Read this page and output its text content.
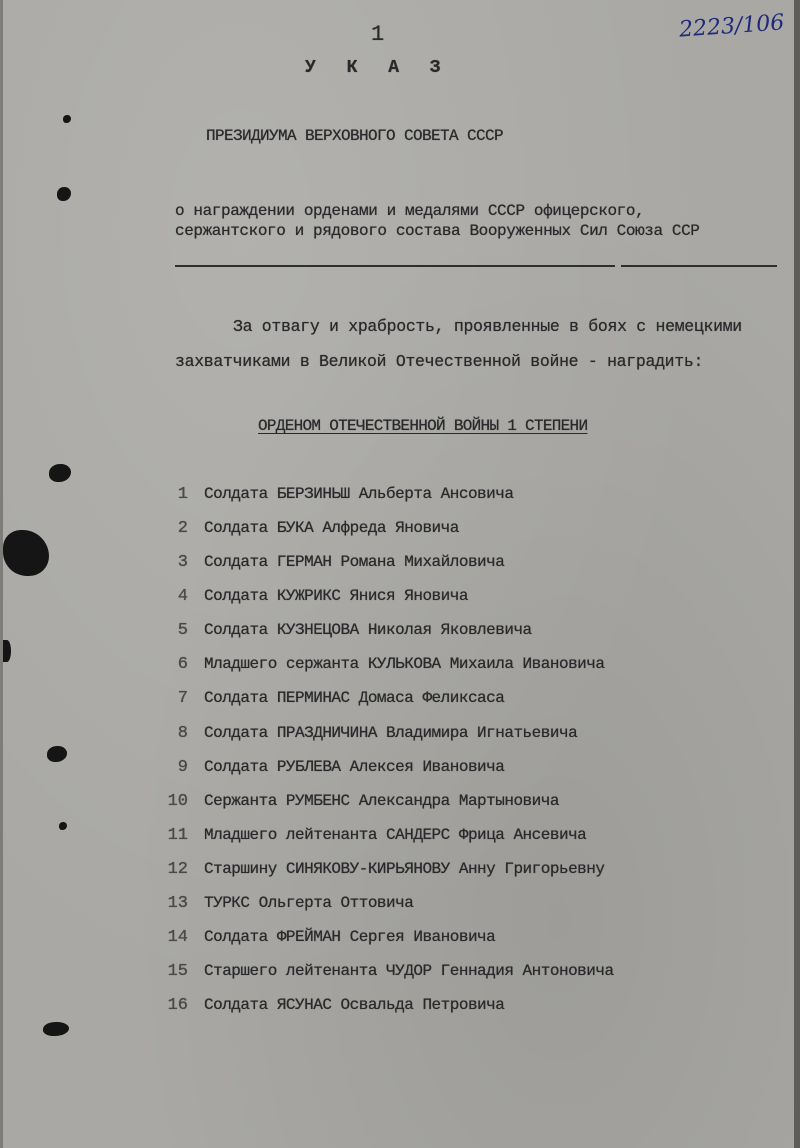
2223/106
1
У К А З
ПРЕЗИДИУМА ВЕРХОВНОГО СОВЕТА СССР
о награждении орденами и медалями СССР офицерского,
сержантского и рядового состава Вооруженных Сил Союза ССР
За отвагу и храбрость, проявленные в боях с немецкими
захватчиками в Великой Отечественной войне - наградить:
ОРДЕНОМ ОТЕЧЕСТВЕННОЙ ВОЙНЫ 1 СТЕПЕНИ
1 Солдата БЕРЗИНЬШ Альберта Ансовича
2 Солдата БУКА Алфреда Яновича
3 Солдата ГЕРМАН Романа Михайловича
4 Солдата КУЖРИКС Янися Яновича
5 Солдата КУЗНЕЦОВА Николая Яковлевича
6 Младшего сержанта КУЛЬКОВА Михаила Ивановича
7 Солдата ПЕРМИНАС Домаса Феликсаса
8 Солдата ПРАЗДНИЧИНА Владимира Игнатьевича
9 Солдата РУБЛЕВА Алексея Ивановича
10 Сержанта РУМБЕНС Александра Мартыновича
11 Младшего лейтенанта САНДЕРС Фрица Ансевича
12 Старшину СИНЯКОВУ-КИРЬЯНОВУ Анну Григорьевну
13 ТУРКС Ольгерта Оттовича
14 Солдата ФРЕЙМАН Сергея Ивановича
15 Старшего лейтенанта ЧУДОР Геннадия Антоновича
16 Солдата ЯСУНАС Освальда Петровича
